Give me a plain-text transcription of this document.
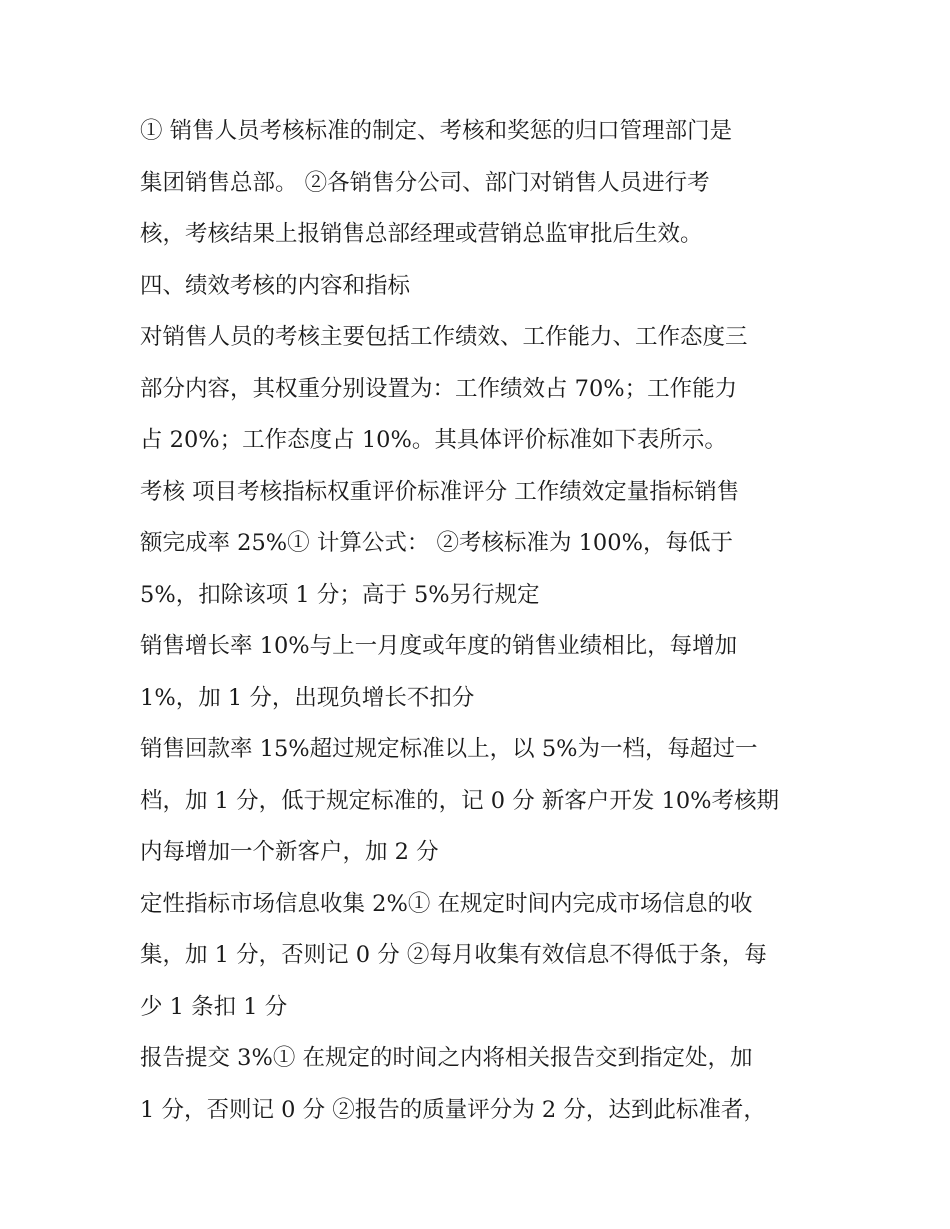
① 销售人员考核标准的制定、考核和奖惩的归口管理部门是
集团销售总部。 ②各销售分公司、部门对销售人员进行考
核，考核结果上报销售总部经理或营销总监审批后生效。
四、绩效考核的内容和指标
对销售人员的考核主要包括工作绩效、工作能力、工作态度三
部分内容，其权重分别设置为：工作绩效占 70%；工作能力
占 20%；工作态度占 10%。其具体评价标准如下表所示。
考核 项目考核指标权重评价标准评分 工作绩效定量指标销售
额完成率 25%① 计算公式： ②考核标准为 100%，每低于
5%，扣除该项 1 分；高于 5%另行规定
销售增长率 10%与上一月度或年度的销售业绩相比，每增加
1%，加 1 分，出现负增长不扣分
销售回款率 15%超过规定标准以上，以 5%为一档，每超过一
档，加 1 分，低于规定标准的，记 0 分 新客户开发 10%考核期
内每增加一个新客户，加 2 分
定性指标市场信息收集 2%① 在规定时间内完成市场信息的收
集，加 1 分，否则记 0 分 ②每月收集有效信息不得低于条，每
少 1 条扣 1 分
报告提交 3%① 在规定的时间之内将相关报告交到指定处，加
1 分，否则记 0 分 ②报告的质量评分为 2 分，达到此标准者，
